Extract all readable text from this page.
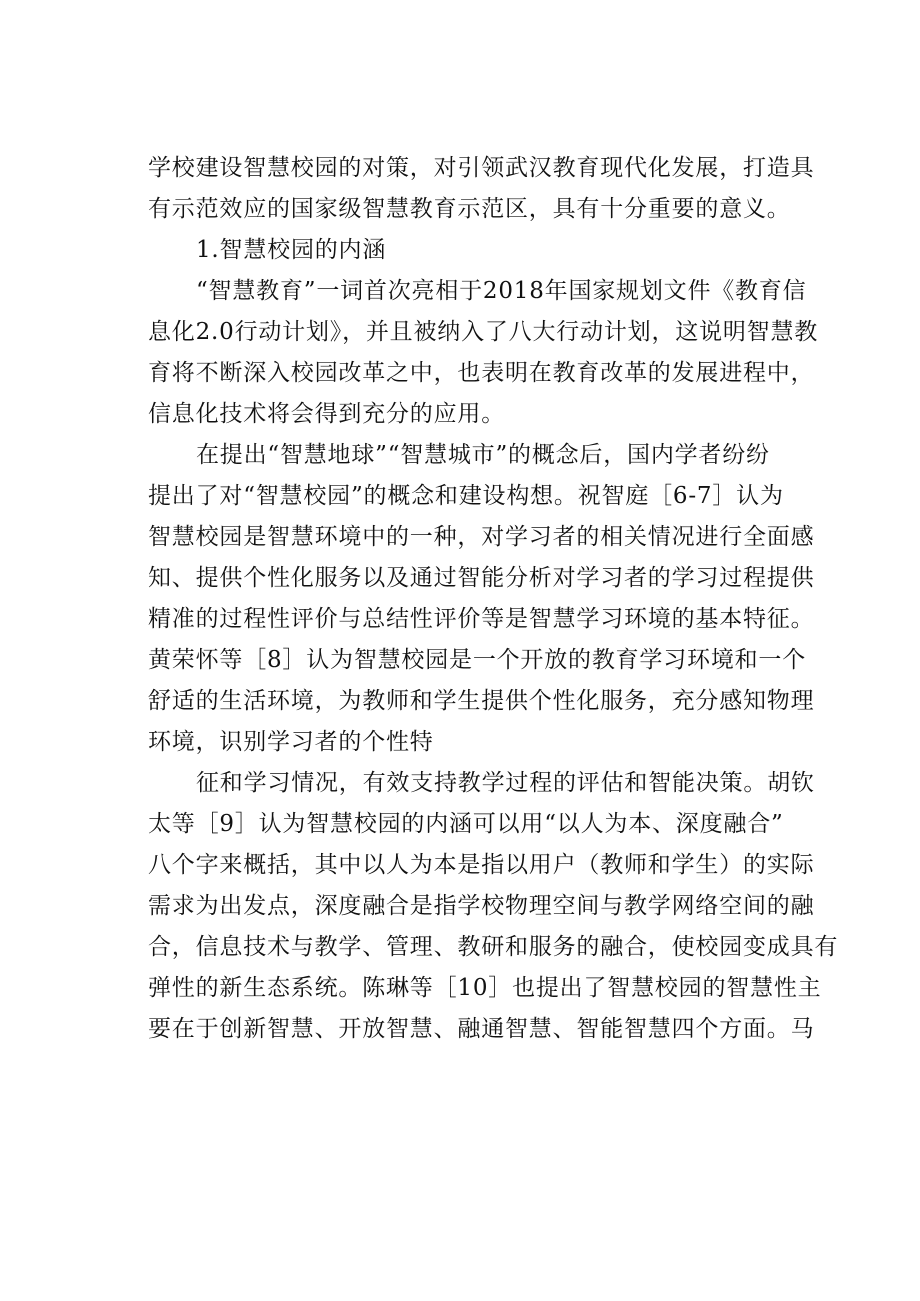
学校建设智慧校园的对策，对引领武汉教育现代化发展，打造具
有示范效应的国家级智慧教育示范区，具有十分重要的意义。
1.智慧校园的内涵
“智慧教育”一词首次亮相于2018年国家规划文件《教育信
息化2.0行动计划》，并且被纳入了八大行动计划，这说明智慧教
育将不断深入校园改革之中，也表明在教育改革的发展进程中，
信息化技术将会得到充分的应用。
在提出“智慧地球”“智慧城市”的概念后，国内学者纷纷
提出了对“智慧校园”的概念和建设构想。祝智庭［6-7］认为
智慧校园是智慧环境中的一种，对学习者的相关情况进行全面感
知、提供个性化服务以及通过智能分析对学习者的学习过程提供
精准的过程性评价与总结性评价等是智慧学习环境的基本特征。
黄荣怀等［8］认为智慧校园是一个开放的教育学习环境和一个
舒适的生活环境，为教师和学生提供个性化服务，充分感知物理
环境，识别学习者的个性特
征和学习情况，有效支持教学过程的评估和智能决策。胡钦
太等［9］认为智慧校园的内涵可以用“以人为本、深度融合”
八个字来概括，其中以人为本是指以用户（教师和学生）的实际
需求为出发点，深度融合是指学校物理空间与教学网络空间的融
合，信息技术与教学、管理、教研和服务的融合，使校园变成具有
弹性的新生态系统。陈琳等［10］也提出了智慧校园的智慧性主
要在于创新智慧、开放智慧、融通智慧、智能智慧四个方面。马
